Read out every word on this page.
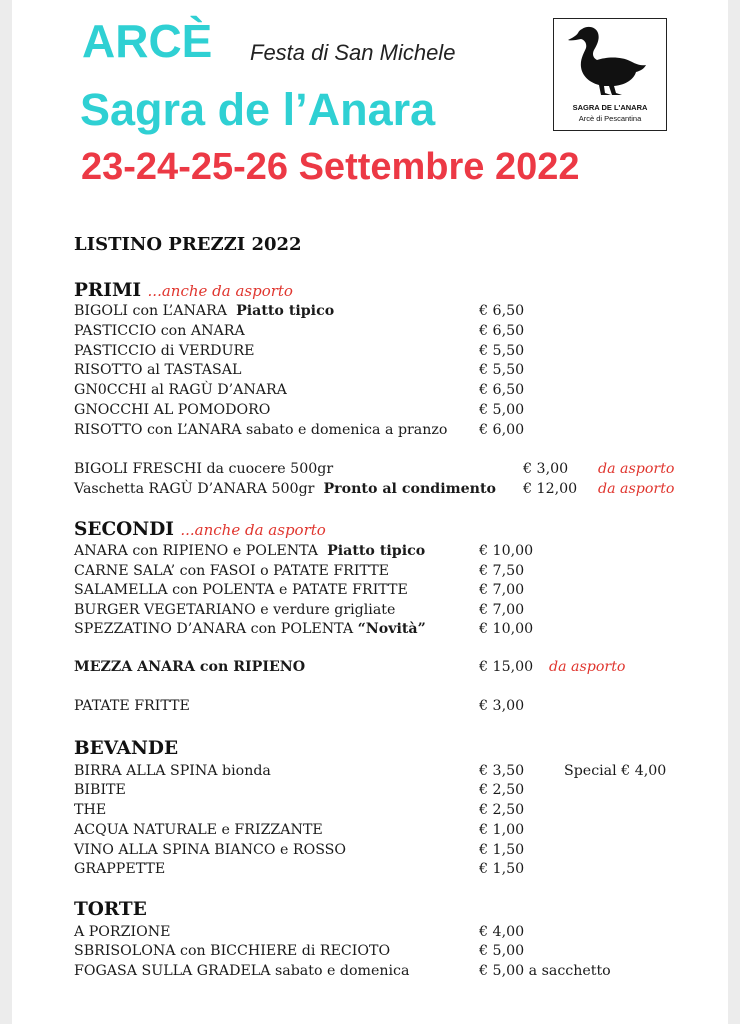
ARCÈ Festa di San Michele
Sagra de l’Anara
23-24-25-26 Settembre 2022
SAGRA DE L'ANARA
Arcè di Pescantina
LISTINO PREZZI 2022
PRIMI ...anche da asporto
BIGOLI con L’ANARA Piatto tipico	€ 6,50
PASTICCIO con ANARA	€ 6,50
PASTICCIO di VERDURE	€ 5,50
RISOTTO al TASTASAL	€ 5,50
GN0CCHI al RAGÙ D’ANARA	€ 6,50
GNOCCHI AL POMODORO	€ 5,00
RISOTTO con L’ANARA sabato e domenica a pranzo € 6,00
BIGOLI FRESCHI da cuocere 500gr	€ 3,00 da asporto
Vaschetta RAGÙ D’ANARA 500gr Pronto al condimento € 12,00 da asporto
SECONDI ...anche da asporto
ANARA con RIPIENO e POLENTA Piatto tipico	€ 10,00
CARNE SALA’ con FASOI o PATATE FRITTE	€ 7,50
SALAMELLA con POLENTA e PATATE FRITTE	€ 7,00
BURGER VEGETARIANO e verdure grigliate	€ 7,00
SPEZZATINO D’ANARA con POLENTA “Novità”	€ 10,00
MEZZA ANARA con RIPIENO	€ 15,00 da asporto
PATATE FRITTE	€ 3,00
BEVANDE
BIRRA ALLA SPINA bionda	€ 3,50	Special € 4,00
BIBITE	€ 2,50
THE	€ 2,50
ACQUA NATURALE e FRIZZANTE	€ 1,00
VINO ALLA SPINA BIANCO e ROSSO	€ 1,50
GRAPPETTE	€ 1,50
TORTE
A PORZIONE	€ 4,00
SBRISOLONA con BICCHIERE di RECIOTO	€ 5,00
FOGASA SULLA GRADELA sabato e domenica	€ 5,00 a sacchetto
